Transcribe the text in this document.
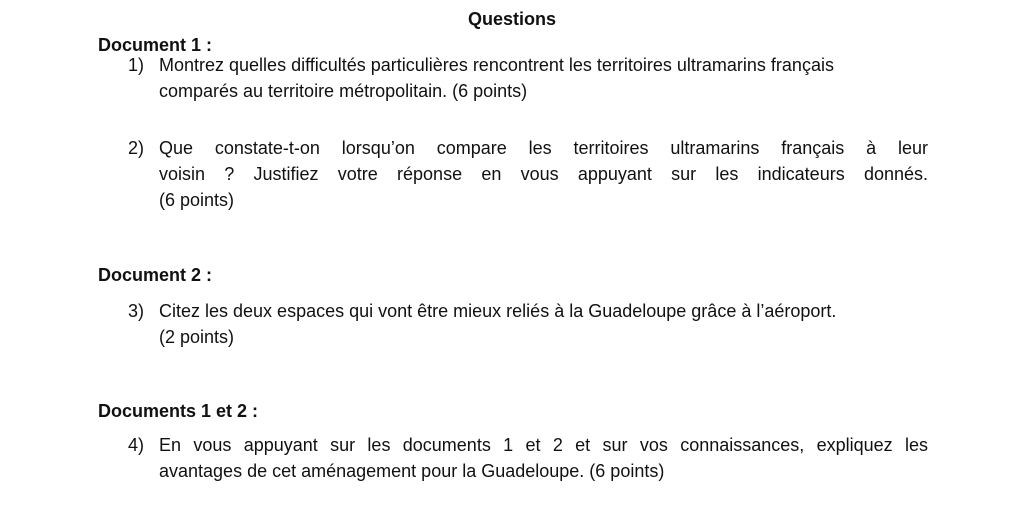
Questions
Document 1 :
1) Montrez quelles difficultés particulières rencontrent les territoires ultramarins français
comparés au territoire métropolitain. (6 points)
2) Que constate-t-on lorsqu’on compare les territoires ultramarins français à leur
voisin ? Justifiez votre réponse en vous appuyant sur les indicateurs donnés.
(6 points)
Document 2 :
3) Citez les deux espaces qui vont être mieux reliés à la Guadeloupe grâce à l’aéroport.
(2 points)
Documents 1 et 2 :
4) En vous appuyant sur les documents 1 et 2 et sur vos connaissances, expliquez les
avantages de cet aménagement pour la Guadeloupe. (6 points)
